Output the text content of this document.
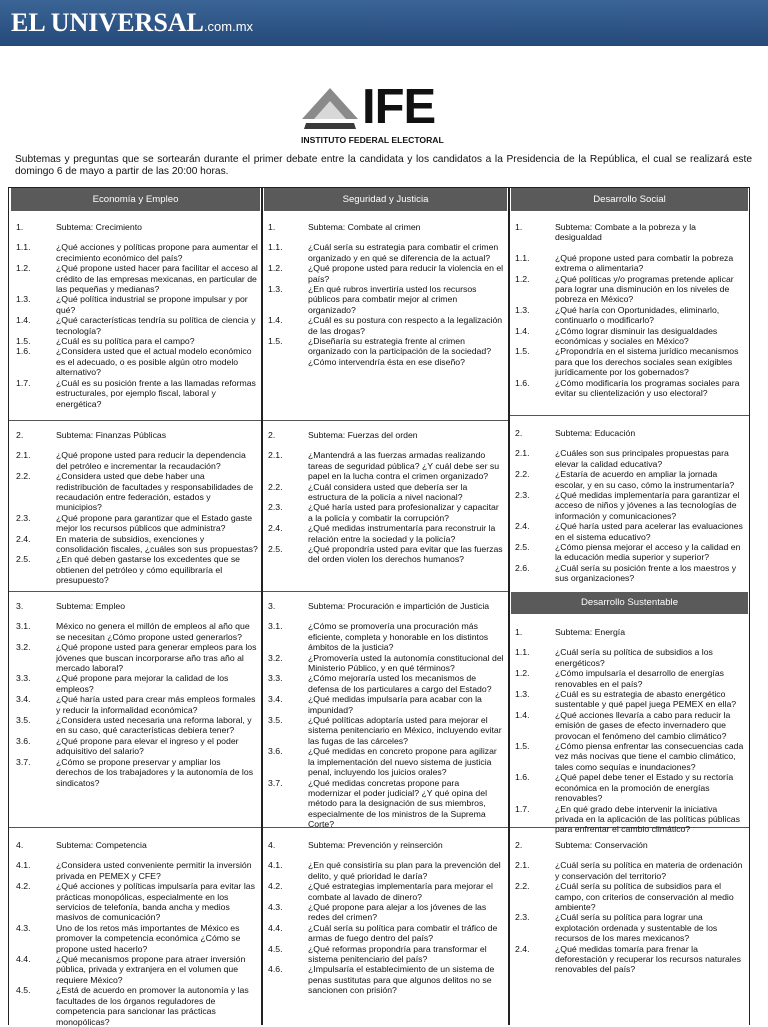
EL UNIVERSAL.com.mx
IFE
INSTITUTO FEDERAL ELECTORAL
Subtemas y preguntas que se sortearán durante el primer debate entre la candidata y los candidatos a la Presidencia de la República, el cual se realizará este domingo 6 de mayo a partir de las 20:00 horas.
Economía y Empleo	Seguridad y Justicia	Desarrollo Social
Desarrollo Sustentable
1.	Subtema: Crecimiento
1.1.	¿Qué acciones y políticas propone para aumentar el crecimiento económico del país?
1.2.	¿Qué propone usted hacer para facilitar el acceso al crédito de las empresas mexicanas, en particular de las pequeñas y medianas?
1.3.	¿Qué política industrial se propone impulsar y por qué?
1.4.	¿Qué características tendría su política de ciencia y tecnología?
1.5.	¿Cuál es su política para el campo?
1.6.	¿Considera usted que el actual modelo económico es el adecuado, o es posible algún otro modelo alternativo?
1.7.	¿Cuál es su posición frente a las llamadas reformas estructurales, por ejemplo fiscal, laboral y energética?
2.	Subtema: Finanzas Públicas
2.1.	¿Qué propone usted para reducir la dependencia del petróleo e incrementar la recaudación?
2.2.	¿Considera usted que debe haber una redistribución de facultades y responsabilidades de recaudación entre federación, estados y municipios?
2.3.	¿Qué propone para garantizar que el Estado gaste mejor los recursos públicos que administra?
2.4.	En materia de subsidios, exenciones y consolidación fiscales, ¿cuáles son sus propuestas?
2.5.	¿En qué deben gastarse los excedentes que se obtienen del petróleo y cómo equilibraría el presupuesto?
3.	Subtema: Empleo
3.1.	México no genera el millón de empleos al año que se necesitan ¿Cómo propone usted generarlos?
3.2.	¿Qué propone usted para generar empleos para los jóvenes que buscan incorporarse año tras año al mercado laboral?
3.3.	¿Qué propone para mejorar la calidad de los empleos?
3.4.	¿Qué haría usted para crear más empleos formales y reducir la informalidad económica?
3.5.	¿Considera usted necesaria una reforma laboral, y en su caso, qué características debiera tener?
3.6.	¿Qué propone para elevar el ingreso y el poder adquisitivo del salario?
3.7.	¿Cómo se propone preservar y ampliar los derechos de los trabajadores y la autonomía de los sindicatos?
4.	Subtema: Competencia
4.1.	¿Considera usted conveniente permitir la inversión privada en PEMEX y CFE?
4.2.	¿Qué acciones y políticas impulsaría para evitar las prácticas monopólicas, especialmente en los servicios de telefonía, banda ancha y medios masivos de comunicación?
4.3.	Uno de los retos más importantes de México es promover la competencia económica ¿Cómo se propone usted hacerlo?
4.4.	¿Qué mecanismos propone para atraer inversión pública, privada y extranjera en el volumen que requiere México?
4.5.	¿Está de acuerdo en promover la autonomía y las facultades de los órganos reguladores de competencia para sancionar las prácticas monopólicas?
1.	Subtema: Combate al crimen
1.1.	¿Cuál sería su estrategia para combatir el crimen organizado y en qué se diferencia de la actual?
1.2.	¿Qué propone usted para reducir la violencia en el país?
1.3.	¿En qué rubros invertiría usted los recursos públicos para combatir mejor al crimen organizado?
1.4.	¿Cuál es su postura con respecto a la legalización de las drogas?
1.5.	¿Diseñaría su estrategia frente al crimen organizado con la participación de la sociedad? ¿Cómo intervendría ésta en ese diseño?
2.	Subtema: Fuerzas del orden
2.1.	¿Mantendrá a las fuerzas armadas realizando tareas de seguridad pública? ¿Y cuál debe ser su papel en la lucha contra el crimen organizado?
2.2.	¿Cuál considera usted que debería ser la estructura de la policía a nivel nacional?
2.3.	¿Qué haría usted para profesionalizar y capacitar a la policía y combatir la corrupción?
2.4.	¿Qué medidas instrumentaría para reconstruir la relación entre la sociedad y la policía?
2.5.	¿Qué propondría usted para evitar que las fuerzas del orden violen los derechos humanos?
3.	Subtema: Procuración e impartición de Justicia
3.1.	¿Cómo se promovería una procuración más eficiente, completa y honorable en los distintos ámbitos de la justicia?
3.2.	¿Promovería usted la autonomía constitucional del Ministerio Público, y en qué términos?
3.3.	¿Cómo mejoraría usted los mecanismos de defensa de los particulares a cargo del Estado?
3.4.	¿Qué medidas impulsaría para acabar con la impunidad?
3.5.	¿Qué políticas adoptaría usted para mejorar el sistema penitenciario en México, incluyendo evitar las fugas de las cárceles?
3.6.	¿Qué medidas en concreto propone para agilizar la implementación del nuevo sistema de justicia penal, incluyendo los juicios orales?
3.7.	¿Qué medidas concretas propone para modernizar el poder judicial? ¿Y qué opina del método para la designación de sus miembros, especialmente de los ministros de la Suprema Corte?
4.	Subtema: Prevención y reinserción
4.1.	¿En qué consistiría su plan para la prevención del delito, y qué prioridad le daría?
4.2.	¿Qué estrategias implementaría para mejorar el combate al lavado de dinero?
4.3.	¿Qué propone para alejar a los jóvenes de las redes del crimen?
4.4.	¿Cuál sería su política para combatir el tráfico de armas de fuego dentro del país?
4.5.	¿Qué reformas propondría para transformar el sistema penitenciario del país?
4.6.	¿Impulsaría el establecimiento de un sistema de penas sustitutas para que algunos delitos no se sancionen con prisión?
1.	Subtema: Combate a la pobreza y la desigualdad
1.1.	¿Qué propone usted para combatir la pobreza extrema o alimentaria?
1.2.	¿Qué políticas y/o programas pretende aplicar para lograr una disminución en los niveles de pobreza en México?
1.3.	¿Qué haría con Oportunidades, eliminarlo, continuarlo o modificarlo?
1.4.	¿Cómo lograr disminuir las desigualdades económicas y sociales en México?
1.5.	¿Propondría en el sistema jurídico mecanismos para que los derechos sociales sean exigibles jurídicamente por los gobernados?
1.6.	¿Cómo modificaría los programas sociales para evitar su clientelización y uso electoral?
2.	Subtema: Educación
2.1.	¿Cuáles son sus principales propuestas para elevar la calidad educativa?
2.2.	¿Estaría de acuerdo en ampliar la jornada escolar, y en su caso, cómo la instrumentaría?
2.3.	¿Qué medidas implementaría para garantizar el acceso de niños y jóvenes a las tecnologías de información y comunicaciones?
2.4.	¿Qué haría usted para acelerar las evaluaciones en el sistema educativo?
2.5.	¿Cómo piensa mejorar el acceso y la calidad en la educación media superior y superior?
2.6.	¿Cuál sería su posición frente a los maestros y sus organizaciones?
1.	Subtema: Energía
1.1.	¿Cuál sería su política de subsidios a los energéticos?
1.2.	¿Cómo impulsaría el desarrollo de energías renovables en el país?
1.3.	¿Cuál es su estrategia de abasto energético sustentable y qué papel juega PEMEX en ella?
1.4.	¿Qué acciones llevaría a cabo para reducir la emisión de gases de efecto invernadero que provocan el fenómeno del cambio climático?
1.5.	¿Cómo piensa enfrentar las consecuencias cada vez más nocivas que tiene el cambio climático, tales como sequías e inundaciones?
1.6.	¿Qué papel debe tener el Estado y su rectoría económica en la promoción de energías renovables?
1.7.	¿En qué grado debe intervenir la iniciativa privada en la aplicación de las políticas públicas para enfrentar el cambio climático?
2.	Subtema: Conservación
2.1.	¿Cuál sería su política en materia de ordenación y conservación del territorio?
2.2.	¿Cuál sería su política de subsidios para el campo, con criterios de conservación al medio ambiente?
2.3.	¿Cuál sería su política para lograr una explotación ordenada y sustentable de los recursos de los mares mexicanos?
2.4.	¿Qué medidas tomaría para frenar la deforestación y recuperar los recursos naturales renovables del país?
